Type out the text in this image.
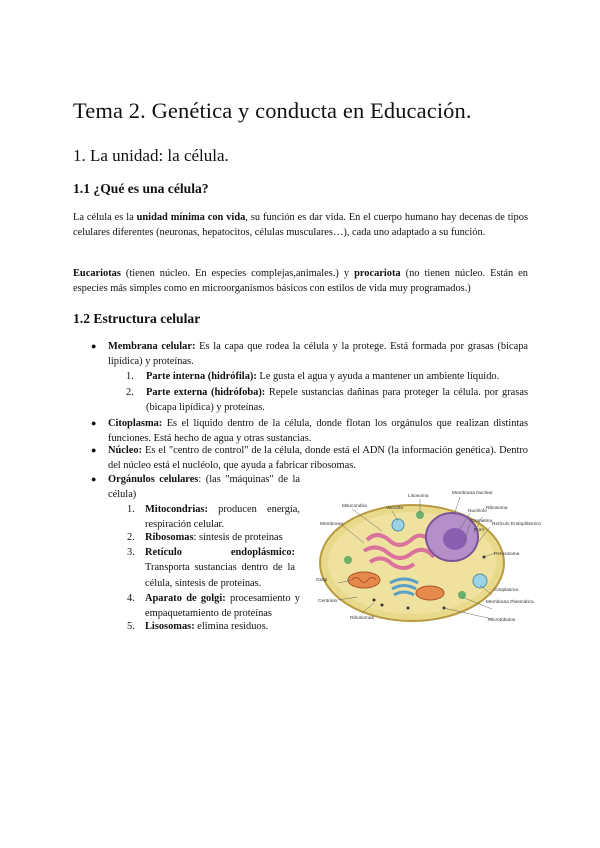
Tema 2. Genética y conducta en Educación.
1. La unidad: la célula.
1.1 ¿Qué es una célula?

La célula es la unidad mínima con vida, su función es dar vida. En el cuerpo humano hay decenas de tipos celulares diferentes (neuronas, hepatocitos, células musculares…), cada uno adaptado a su función.

Eucariotas (tienen núcleo. En especies complejas,animales.) y procariota (no tienen núcleo. Están en especies más simples como en microorganismos básicos con estilos de vida muy programados.)

1.2 Estructura celular
● Membrana celular: Es la capa que rodea la célula y la protege. Está formada por grasas (bicapa lipídica) y proteínas.
1. Parte interna (hidrófila): Le gusta el agua y ayuda a mantener un ambiente líquido.
2. Parte externa (hidrófoba): Repele sustancias dañinas para proteger la célula. por grasas (bicapa lipídica) y proteínas.
● Citoplasma: Es el líquido dentro de la célula, donde flotan los orgánulos que realizan distintas funciones. Está hecho de agua y otras sustancias.
● Núcleo: Es el "centro de control" de la célula, donde está el ADN (la información genética). Dentro del núcleo está el nucléolo, que ayuda a fabricar ribosomas.
● Orgánulos celulares: (las "máquinas" de la célula)
1. Mitocondrias: producen energía, respiración celular.
2. Ribosomas: síntesis de proteínas
3. Retículo endoplásmico: Transporta sustancias dentro de la célula, síntesis de proteínas.
4. Aparato de golgi: procesamiento y empaquetamiento de proteínas
5. Lisosomas: elimina residuos.
Lisosoma
Membrana Nuclear
Nucléolo
Mitocondria	Vacuola
Cromatina
Poro
Membrana	Retículo Endoplásmico
Ribosoma
Golgi
Centriolo
Citoplasma
Ribosomas
Membrana Plasmática
Microtúbulos
Peroxisoma
